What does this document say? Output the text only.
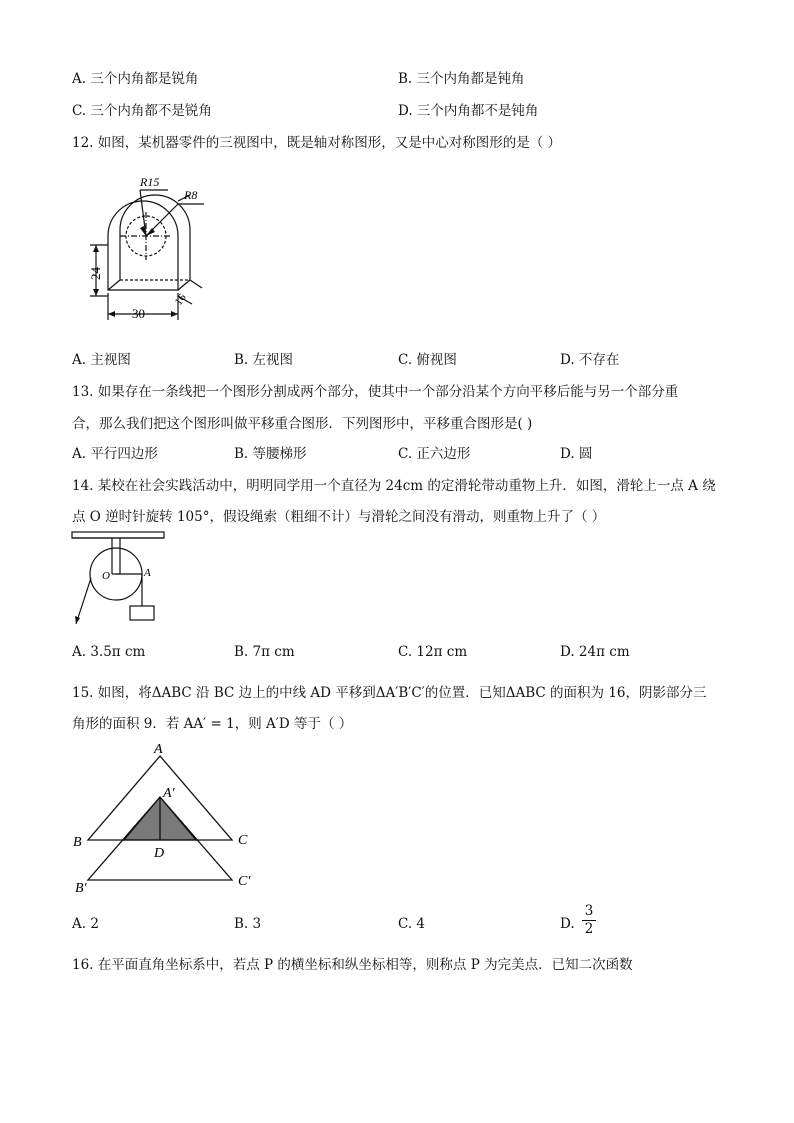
A. 三个内角都是锐角	B. 三个内角都是钝角
C. 三个内角都不是锐角	D. 三个内角都不是钝角
12. 如图，某机器零件的三视图中，既是轴对称图形，又是中心对称图形的是（ ）
R15
R8
24
30
16
A. 主视图	B. 左视图	C. 俯视图	D. 不存在
13. 如果存在一条线把一个图形分割成两个部分，使其中一个部分沿某个方向平移后能与另一个部分重
合，那么我们把这个图形叫做平移重合图形．下列图形中，平移重合图形是( )
A. 平行四边形	B. 等腰梯形	C. 正六边形	D. 圆
14. 某校在社会实践活动中，明明同学用一个直径为 24cm 的定滑轮带动重物上升．如图，滑轮上一点 A 绕
点 O 逆时针旋转 105°，假设绳索（粗细不计）与滑轮之间没有滑动，则重物上升了（ ）
O	A
A. 3.5π cm	B. 7π cm	C. 12π cm	D. 24π cm
15. 如图，将ΔABC 沿 BC 边上的中线 AD 平移到ΔA′B′C′的位置．已知ΔABC 的面积为 16，阴影部分三
角形的面积 9．若 AA′ = 1，则 A′D 等于（ ）
A
A′
B	C
D
B′	C′
A. 2	B. 3	C. 4	D.
3
2
16. 在平面直角坐标系中，若点 P 的横坐标和纵坐标相等，则称点 P 为完美点．已知二次函数
